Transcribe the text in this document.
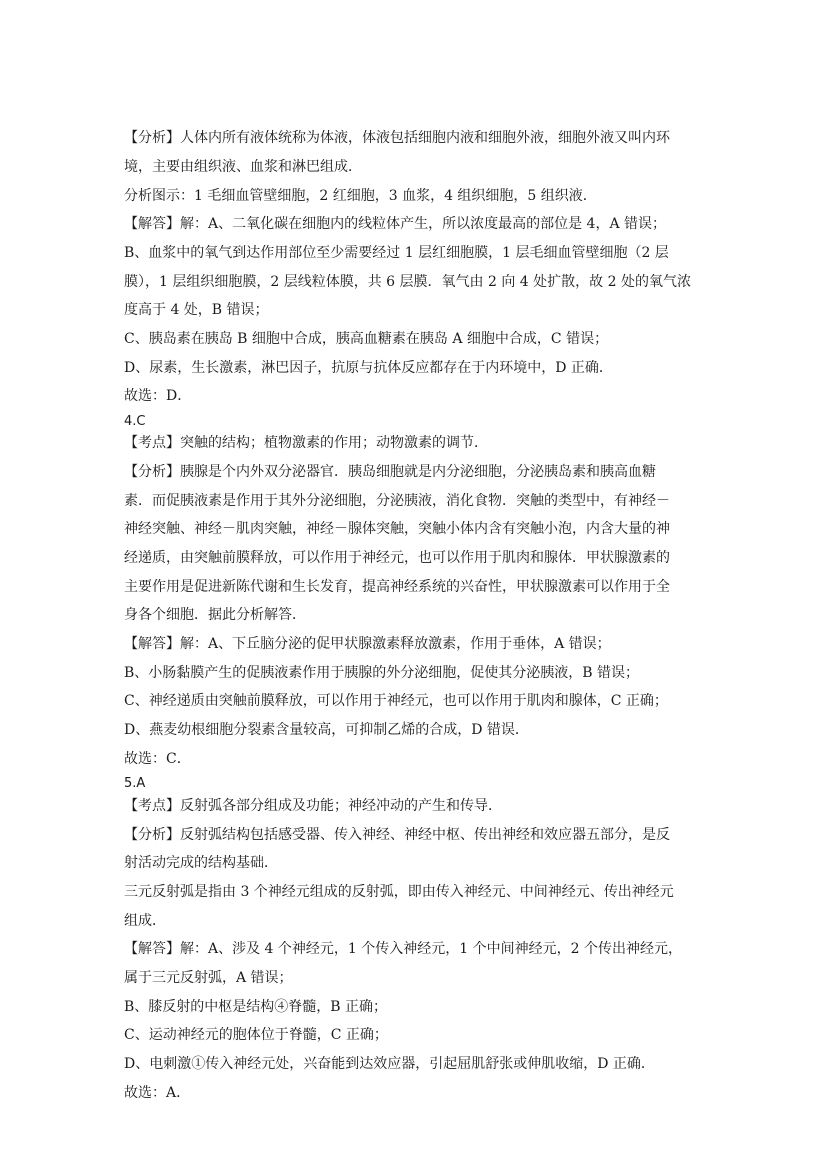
【分析】人体内所有液体统称为体液，体液包括细胞内液和细胞外液，细胞外液又叫内环
境，主要由组织液、血浆和淋巴组成．
分析图示：1 毛细血管壁细胞，2 红细胞，3 血浆，4 组织细胞，5 组织液．
【解答】解：A、二氧化碳在细胞内的线粒体产生，所以浓度最高的部位是 4，A 错误；
B、血浆中的氧气到达作用部位至少需要经过 1 层红细胞膜，1 层毛细血管壁细胞（2 层
膜），1 层组织细胞膜，2 层线粒体膜，共 6 层膜．氧气由 2 向 4 处扩散，故 2 处的氧气浓
度高于 4 处，B 错误；
C、胰岛素在胰岛 B 细胞中合成，胰高血糖素在胰岛 A 细胞中合成，C 错误；
D、尿素，生长激素，淋巴因子，抗原与抗体反应都存在于内环境中，D 正确．
故选：D．
4.C
【考点】突触的结构；植物激素的作用；动物激素的调节．
【分析】胰腺是个内外双分泌器官．胰岛细胞就是内分泌细胞，分泌胰岛素和胰高血糖
素．而促胰液素是作用于其外分泌细胞，分泌胰液，消化食物．突触的类型中，有神经－
神经突触、神经－肌肉突触，神经－腺体突触，突触小体内含有突触小泡，内含大量的神
经递质，由突触前膜释放，可以作用于神经元，也可以作用于肌肉和腺体．甲状腺激素的
主要作用是促进新陈代谢和生长发育，提高神经系统的兴奋性，甲状腺激素可以作用于全
身各个细胞．据此分析解答．
【解答】解：A、下丘脑分泌的促甲状腺激素释放激素，作用于垂体，A 错误；
B、小肠黏膜产生的促胰液素作用于胰腺的外分泌细胞，促使其分泌胰液，B 错误；
C、神经递质由突触前膜释放，可以作用于神经元，也可以作用于肌肉和腺体，C 正确；
D、燕麦幼根细胞分裂素含量较高，可抑制乙烯的合成，D 错误．
故选：C．
5.A
【考点】反射弧各部分组成及功能；神经冲动的产生和传导．
【分析】反射弧结构包括感受器、传入神经、神经中枢、传出神经和效应器五部分，是反
射活动完成的结构基础．
三元反射弧是指由 3 个神经元组成的反射弧，即由传入神经元、中间神经元、传出神经元
组成．
【解答】解：A、涉及 4 个神经元，1 个传入神经元，1 个中间神经元，2 个传出神经元，
属于三元反射弧，A 错误；
B、膝反射的中枢是结构④脊髓，B 正确；
C、运动神经元的胞体位于脊髓，C 正确；
D、电刺激①传入神经元处，兴奋能到达效应器，引起屈肌舒张或伸肌收缩，D 正确．
故选：A．
